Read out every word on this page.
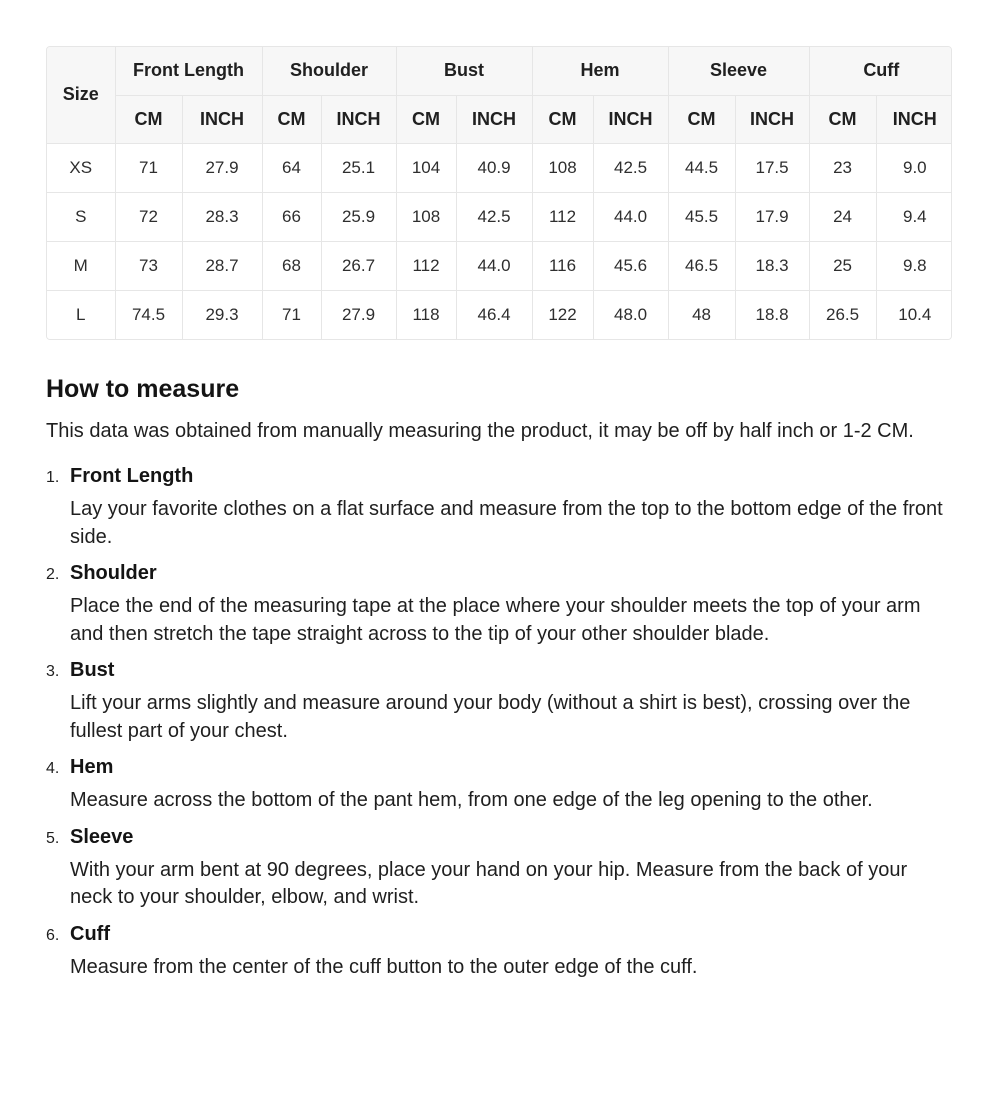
Size	Front Length		Shoulder		Bust		Hem		Sleeve		Cuff	
	CM	INCH	CM	INCH	CM	INCH	CM	INCH	CM	INCH	CM	INCH
XS	71	27.9	64	25.1	104	40.9	108	42.5	44.5	17.5	23	9.0
S	72	28.3	66	25.9	108	42.5	112	44.0	45.5	17.9	24	9.4
M	73	28.7	68	26.7	112	44.0	116	45.6	46.5	18.3	25	9.8
L	74.5	29.3	71	27.9	118	46.4	122	48.0	48	18.8	26.5	10.4
How to measure

This data was obtained from manually measuring the product, it may be off by half inch or 1-2 CM.

1. Front Length

Lay your favorite clothes on a flat surface and measure from the top to the bottom edge of the front side.

2. Shoulder

Place the end of the measuring tape at the place where your shoulder meets the top of your arm and then stretch the tape straight across to the tip of your other shoulder blade.

3. Bust

Lift your arms slightly and measure around your body (without a shirt is best), crossing over the fullest part of your chest.

4. Hem

Measure across the bottom of the pant hem, from one edge of the leg opening to the other.

5. Sleeve

With your arm bent at 90 degrees, place your hand on your hip. Measure from the back of your neck to your shoulder, elbow, and wrist.

6. Cuff

Measure from the center of the cuff button to the outer edge of the cuff.
